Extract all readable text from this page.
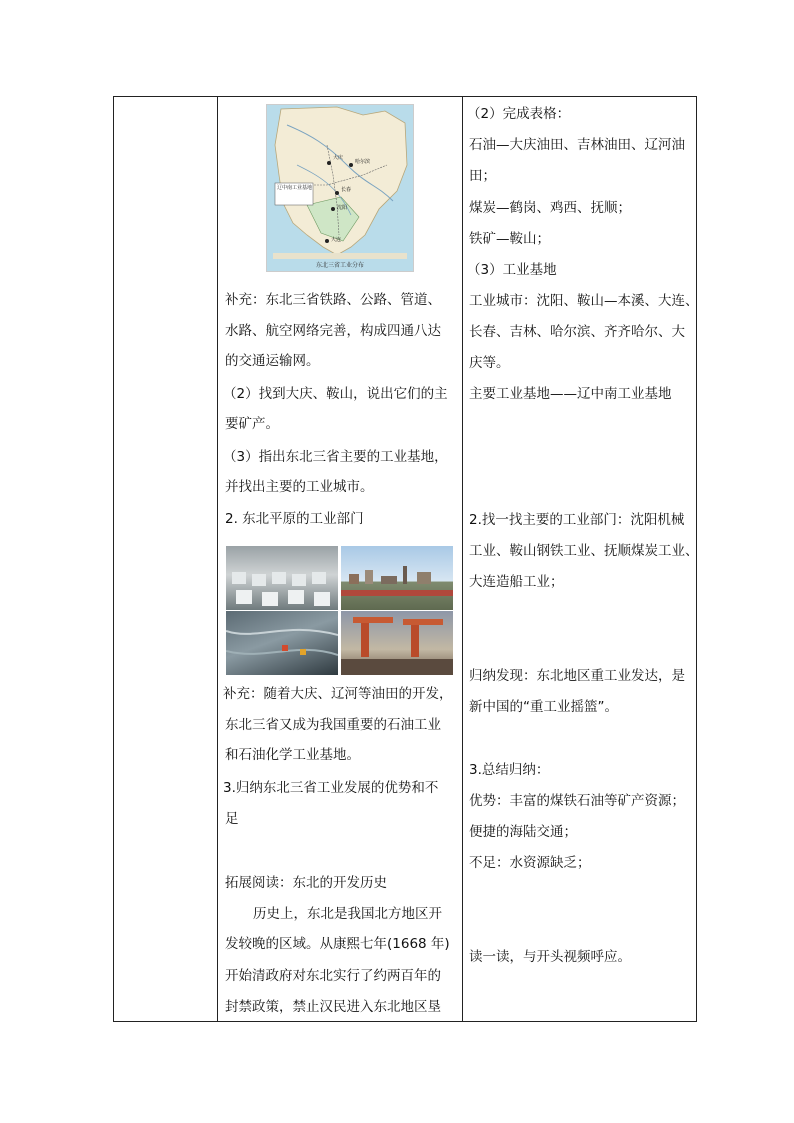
辽中南工业基地
大庆
哈尔滨
长春
沈阳
大连
东北三省工业分布
补充：东北三省铁路、公路、管道、
水路、航空网络完善，构成四通八达
的交通运输网。
（2）找到大庆、鞍山，说出它们的主
要矿产。
（3）指出东北三省主要的工业基地，
并找出主要的工业城市。
2. 东北平原的工业部门
补充：随着大庆、辽河等油田的开发，
东北三省又成为我国重要的石油工业
和石油化学工业基地。
3.归纳东北三省工业发展的优势和不
足
拓展阅读：东北的开发历史
历史上，东北是我国北方地区开
发较晚的区域。从康熙七年(1668 年)
开始清政府对东北实行了约两百年的
封禁政策，禁止汉民进入东北地区垦
（2）完成表格：
石油—大庆油田、吉林油田、辽河油
田；
煤炭—鹤岗、鸡西、抚顺；
铁矿—鞍山；
（3）工业基地
工业城市：沈阳、鞍山—本溪、大连、
长春、吉林、哈尔滨、齐齐哈尔、大
庆等。
主要工业基地——辽中南工业基地
2.找一找主要的工业部门：沈阳机械
工业、鞍山钢铁工业、抚顺煤炭工业、
大连造船工业；
归纳发现：东北地区重工业发达，是
新中国的“重工业摇篮”。
3.总结归纳：
优势：丰富的煤铁石油等矿产资源；
便捷的海陆交通；
不足：水资源缺乏；
读一读，与开头视频呼应。
